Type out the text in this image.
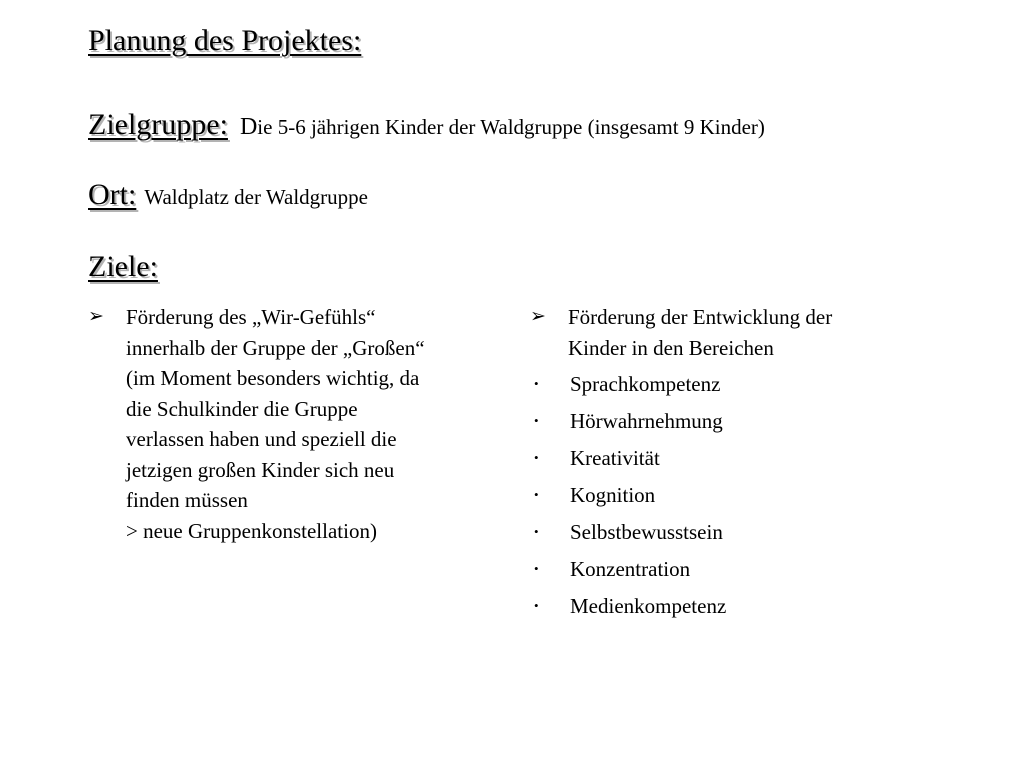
Planung des Projektes:
Zielgruppe: Die 5-6 jährigen Kinder der Waldgruppe (insgesamt 9 Kinder)
Ort: Waldplatz der Waldgruppe
Ziele:
➢ Förderung des „Wir-Gefühls“
innerhalb der Gruppe der „Großen“
(im Moment besonders wichtig, da
die Schulkinder die Gruppe
verlassen haben und speziell die
jetzigen großen Kinder sich neu
finden müssen
> neue Gruppenkonstellation)
➢ Förderung der Entwicklung der
Kinder in den Bereichen
• Sprachkompetenz
• Hörwahrnehmung
• Kreativität
• Kognition
• Selbstbewusstsein
• Konzentration
• Medienkompetenz
